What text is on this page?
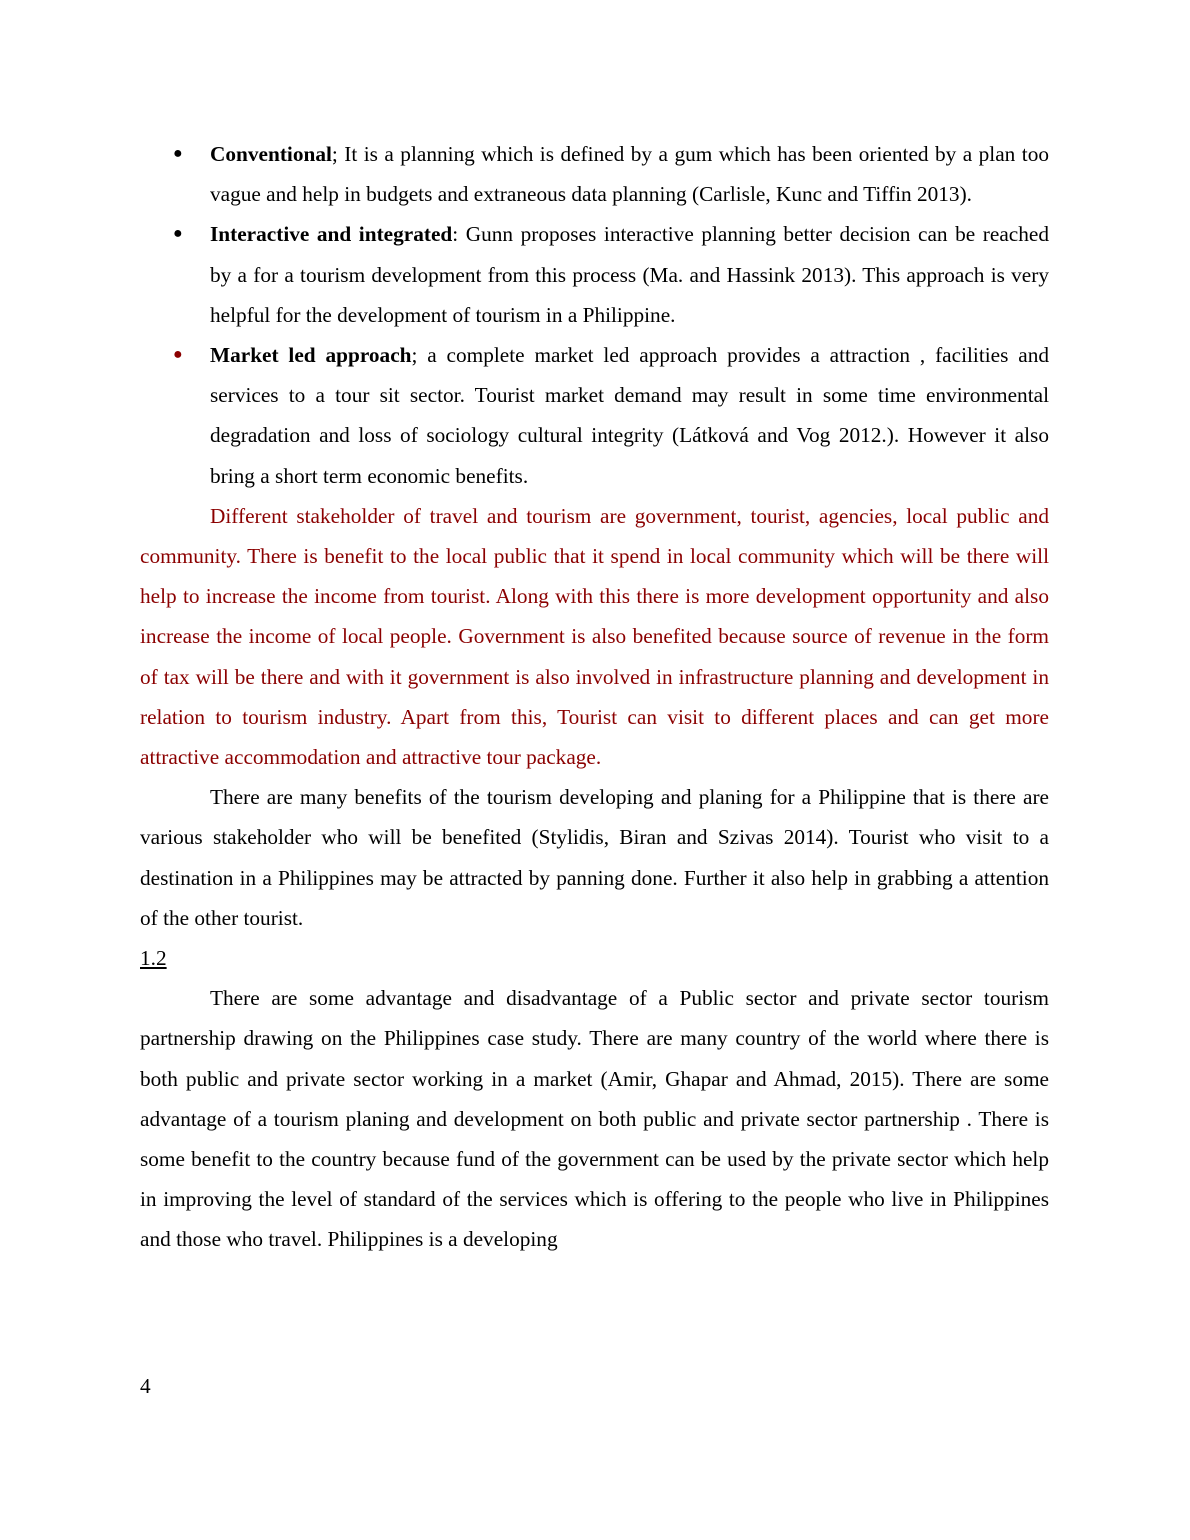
● Conventional; It is a planning which is defined by a gum which has been oriented by a plan too vague and help in budgets and extraneous data planning (Carlisle, Kunc and Tiffin 2013).
● Interactive and integrated: Gunn proposes interactive planning better decision can be reached by a for a tourism development from this process (Ma. and Hassink 2013). This approach is very helpful for the development of tourism in a Philippine.
● Market led approach; a complete market led approach provides a attraction , facilities and services to a tour sit sector. Tourist market demand may result in some time environmental degradation and loss of sociology cultural integrity (Látková and Vog 2012.). However it also bring a short term economic benefits.

Different stakeholder of travel and tourism are government, tourist, agencies, local public and community. There is benefit to the local public that it spend in local community which will be there will help to increase the income from tourist. Along with this there is more development opportunity and also increase the income of local people. Government is also benefited because source of revenue in the form of tax will be there and with it government is also involved in infrastructure planning and development in relation to tourism industry. Apart from this, Tourist can visit to different places and can get more attractive accommodation and attractive tour package.

There are many benefits of the tourism developing and planing for a Philippine that is there are various stakeholder who will be benefited (Stylidis, Biran and Szivas 2014). Tourist who visit to a destination in a Philippines may be attracted by panning done. Further it also help in grabbing a attention of the other tourist.

1.2

There are some advantage and disadvantage of a Public sector and private sector tourism partnership drawing on the Philippines case study. There are many country of the world where there is both public and private sector working in a market (Amir, Ghapar and Ahmad, 2015). There are some advantage of a tourism planing and development on both public and private sector partnership . There is some benefit to the country because fund of the government can be used by the private sector which help in improving the level of standard of the services which is offering to the people who live in Philippines and those who travel. Philippines is a developing

4
